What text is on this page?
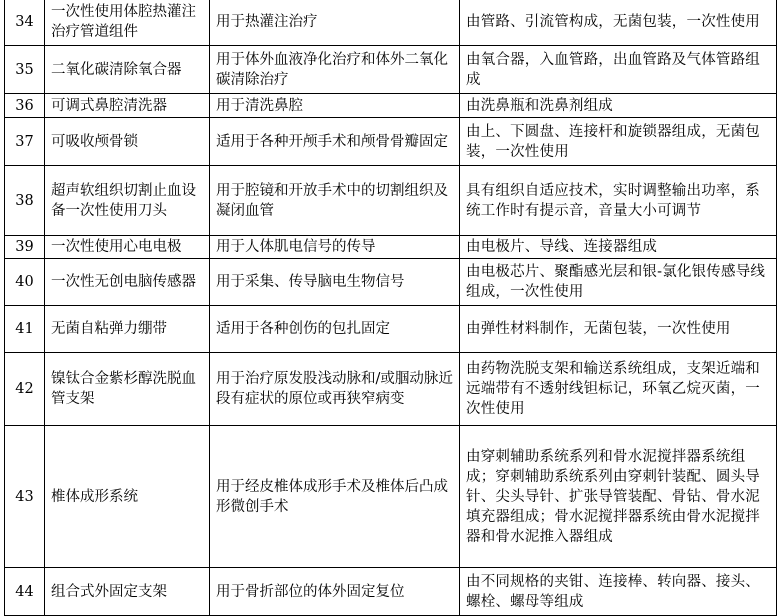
34	一次性使用体腔热灌注治疗管道组件	用于热灌注治疗	由管路、引流管构成，无菌包装，一次性使用
35	二氧化碳清除氧合器	用于体外血液净化治疗和体外二氧化碳清除治疗	由氧合器，入血管路，出血管路及气体管路组成
36	可调式鼻腔清洗器	用于清洗鼻腔	由洗鼻瓶和洗鼻剂组成
37	可吸收颅骨锁	适用于各种开颅手术和颅骨骨瓣固定	由上、下圆盘、连接杆和旋锁器组成，无菌包装，一次性使用
38	超声软组织切割止血设备一次性使用刀头	用于腔镜和开放手术中的切割组织及凝闭血管	具有组织自适应技术，实时调整输出功率，系统工作时有提示音，音量大小可调节
39	一次性使用心电电极	用于人体肌电信号的传导	由电极片、导线、连接器组成
40	一次性无创电脑传感器	用于采集、传导脑电生物信号	由电极芯片、聚酯感光层和银-氯化银传感导线组成，一次性使用
41	无菌自粘弹力绷带	适用于各种创伤的包扎固定	由弹性材料制作，无菌包装，一次性使用
42	镍钛合金紫杉醇洗脱血管支架	用于治疗原发股浅动脉和/或腘动脉近段有症状的原位或再狭窄病变	由药物洗脱支架和输送系统组成，支架近端和远端带有不透射线钽标记，环氧乙烷灭菌，一次性使用
43	椎体成形系统	用于经皮椎体成形手术及椎体后凸成形微创手术	由穿刺辅助系统系列和骨水泥搅拌器系统组成；穿刺辅助系统系列由穿刺针装配、圆头导针、尖头导针、扩张导管装配、骨钻、骨水泥填充器组成；骨水泥搅拌器系统由骨水泥搅拌器和骨水泥推入器组成
44	组合式外固定支架	用于骨折部位的体外固定复位	由不同规格的夹钳、连接棒、转向器、接头、螺栓、螺母等组成
